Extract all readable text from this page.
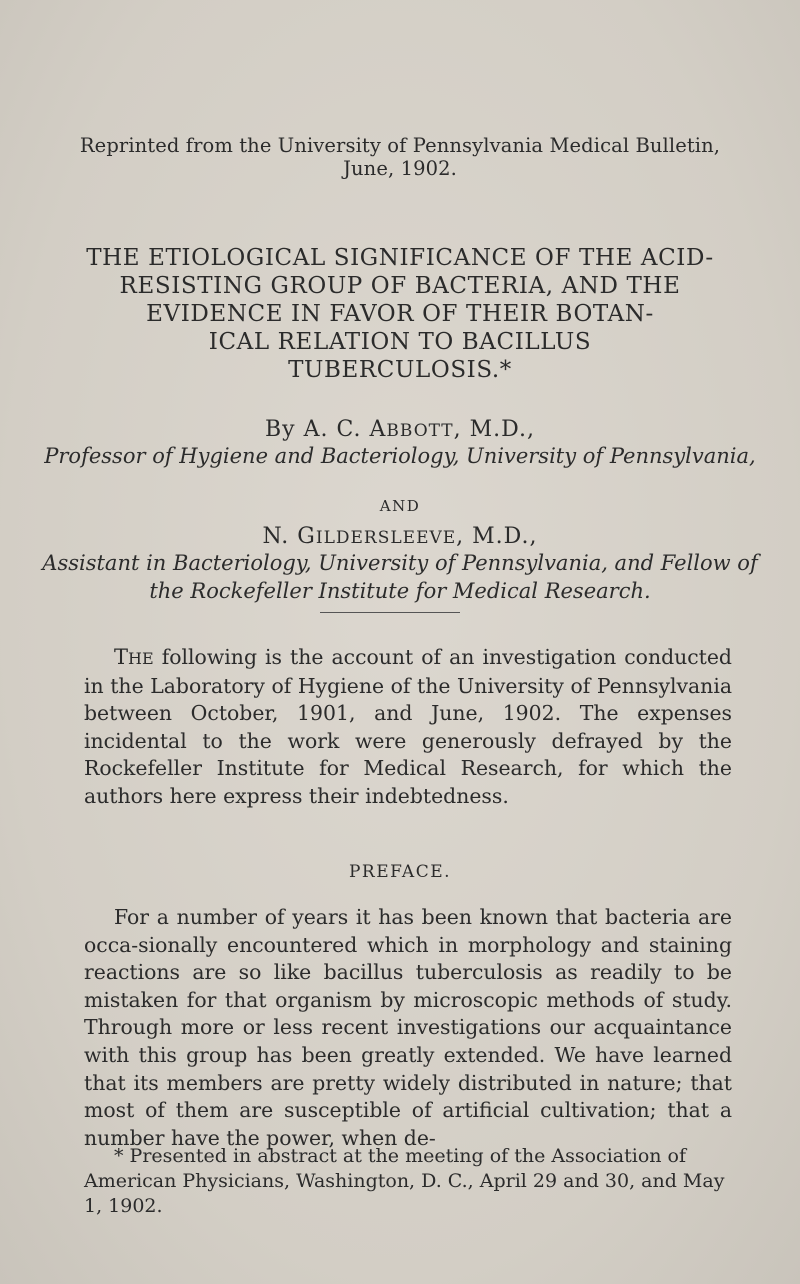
Reprinted from the University of Pennsylvania Medical Bulletin, June, 1902.
THE ETIOLOGICAL SIGNIFICANCE OF THE ACID-
RESISTING GROUP OF BACTERIA, AND THE
EVIDENCE IN FAVOR OF THEIR BOTAN-
ICAL RELATION TO BACILLUS
TUBERCULOSIS.*
By A. C. ABBOTT, M.D.,
Professor of Hygiene and Bacteriology, University of Pennsylvania,
AND
N. GILDERSLEEVE, M.D.,
Assistant in Bacteriology, University of Pennsylvania, and Fellow of
the Rockefeller Institute for Medical Research.
THE following is the account of an investigation conducted in the Laboratory of Hygiene of the University of Pennsylvania between October, 1901, and June, 1902. The expenses incidental to the work were generously defrayed by the Rockefeller Institute for Medical Research, for which the authors here express their indebtedness.
PREFACE.
For a number of years it has been known that bacteria are occa-sionally encountered which in morphology and staining reactions are so like bacillus tuberculosis as readily to be mistaken for that organism by microscopic methods of study. Through more or less recent investigations our acquaintance with this group has been greatly extended. We have learned that its members are pretty widely distributed in nature; that most of them are susceptible of artificial cultivation; that a number have the power, when de-
* Presented in abstract at the meeting of the Association of American Physicians, Washington, D. C., April 29 and 30, and May 1, 1902.
